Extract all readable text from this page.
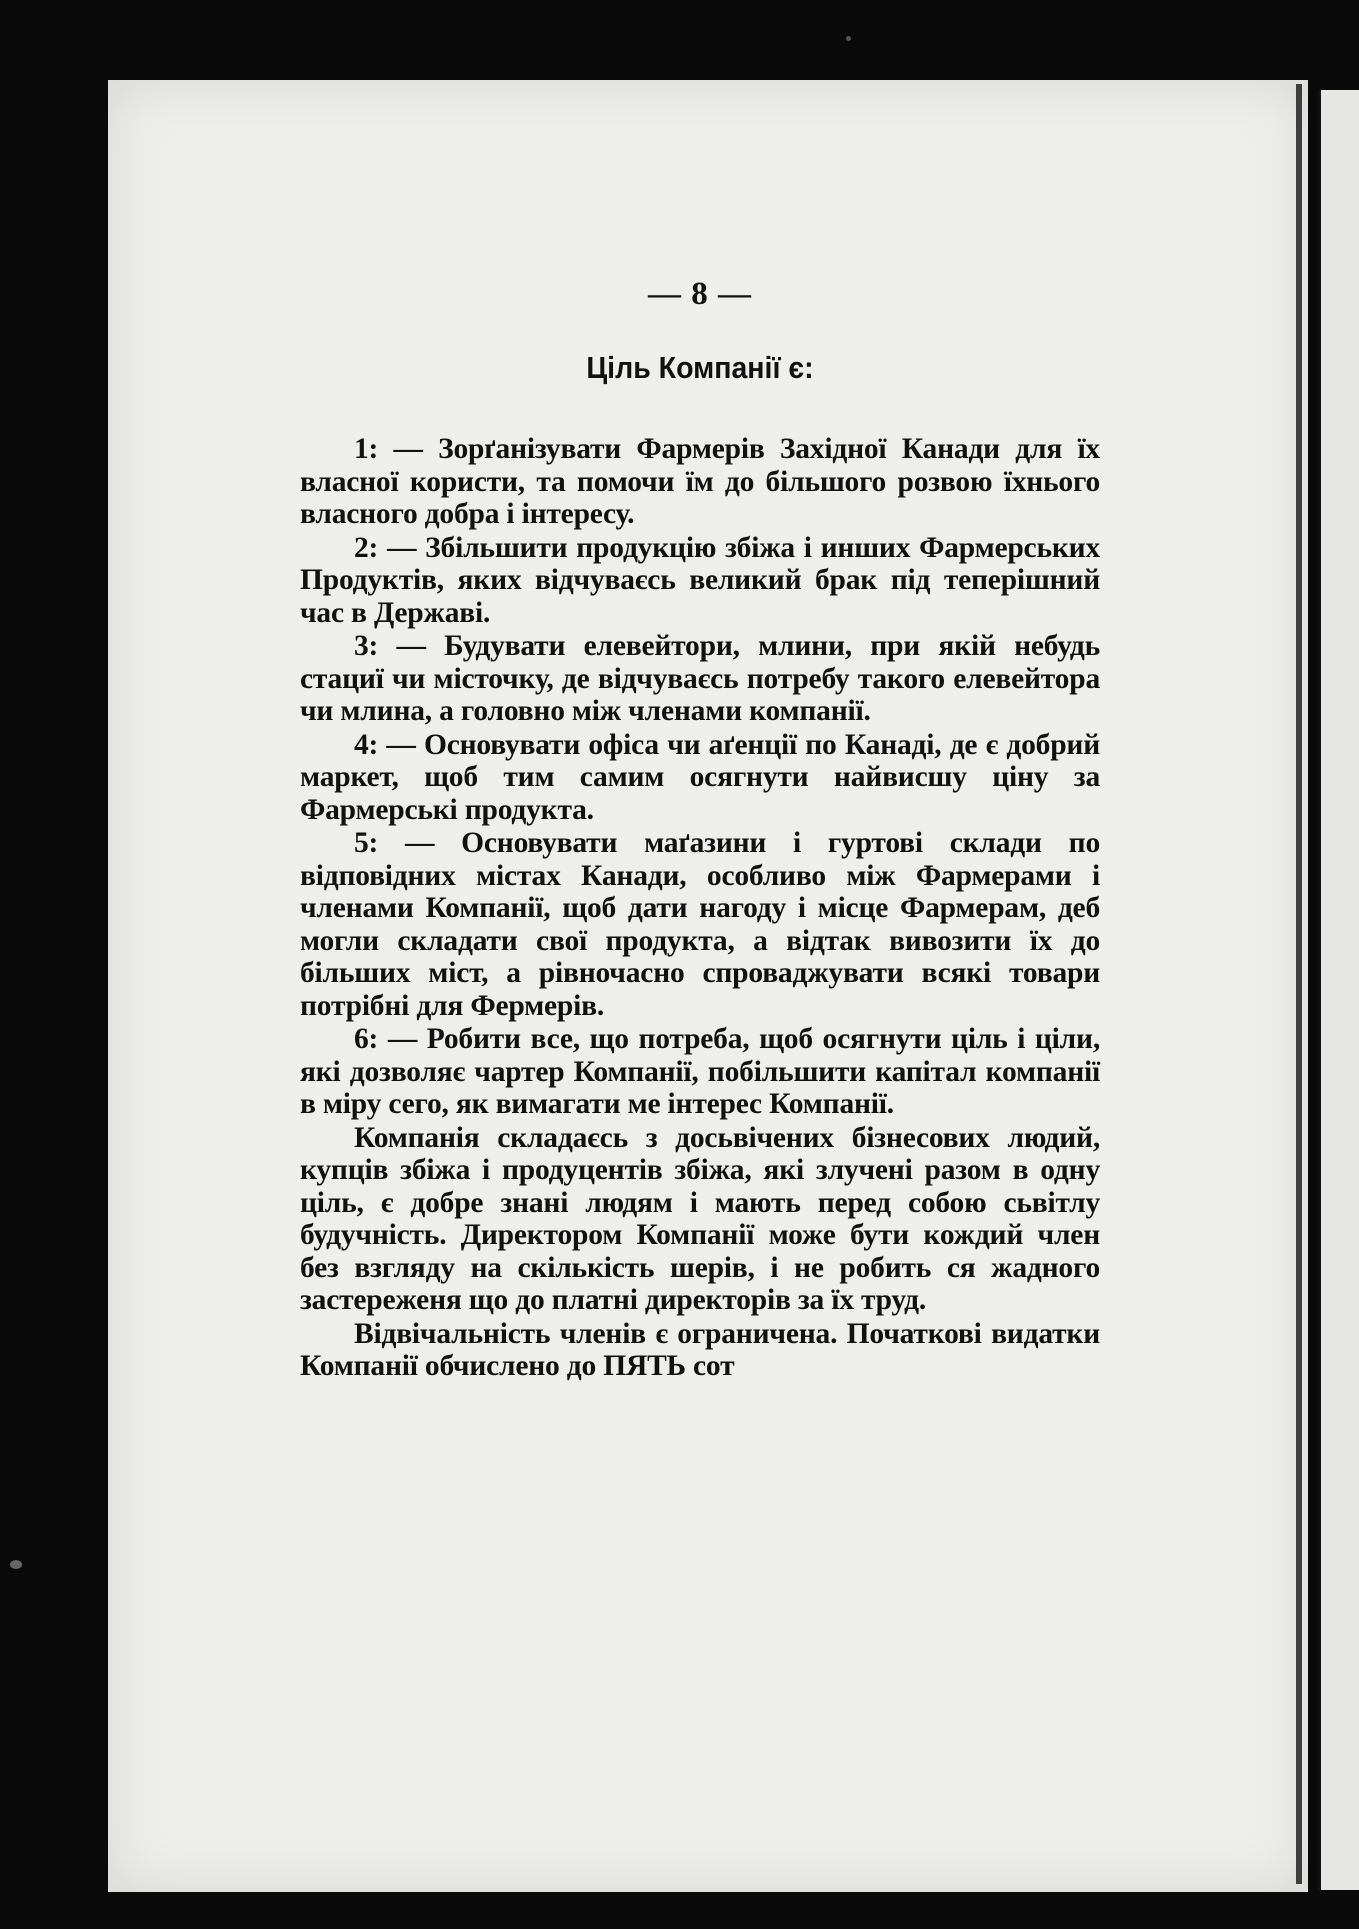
— 8 —
Ціль Компанії є:

1: — Зорґанізувати Фармерів Західної Канади для їх власної користи, та помочи їм до більшого розвою їхнього власного добра і інтересу.

2: — Збільшити продукцію збіжа і инших Фармерських Продуктів, яких відчуваєсь великий брак під теперішний час в Державі.

3: — Будувати елевейтори, млини, при якій небудь стациї чи місточку, де відчуваєсь потребу такого елевейтора чи млина, а головно між членами компанії.

4: — Основувати офіса чи аґенції по Канаді, де є добрий маркет, щоб тим самим осягнути найвисшу ціну за Фармерські продукта.

5: — Основувати маґазини і гуртові склади по відповідних містах Канади, особливо між Фармерами і членами Компанії, щоб дати нагоду і місце Фармерам, деб могли складати свої продукта, а відтак вивозити їх до більших міст, а рівночасно спроваджувати всякі товари потрібні для Фермерів.

6: — Робити все, що потреба, щоб осягнути ціль і ціли, які дозволяє чартер Компанії, побільшити капітал компанії в міру сего, як вимагати ме інтерес Компанії.

Компанія складаєсь з досьвічених бізнесових людий, купців збіжа і продуцентів збіжа, які злучені разом в одну ціль, є добре знані людям і мають перед собою сьвітлу будучність. Директором Компанії може бути кождий член без взгляду на скількість шерів, і не робить ся жадного застереженя що до платні директорів за їх труд.

Відвічальність членів є ограничена. Початкові видатки Компанії обчислено до ПЯТЬ сот
